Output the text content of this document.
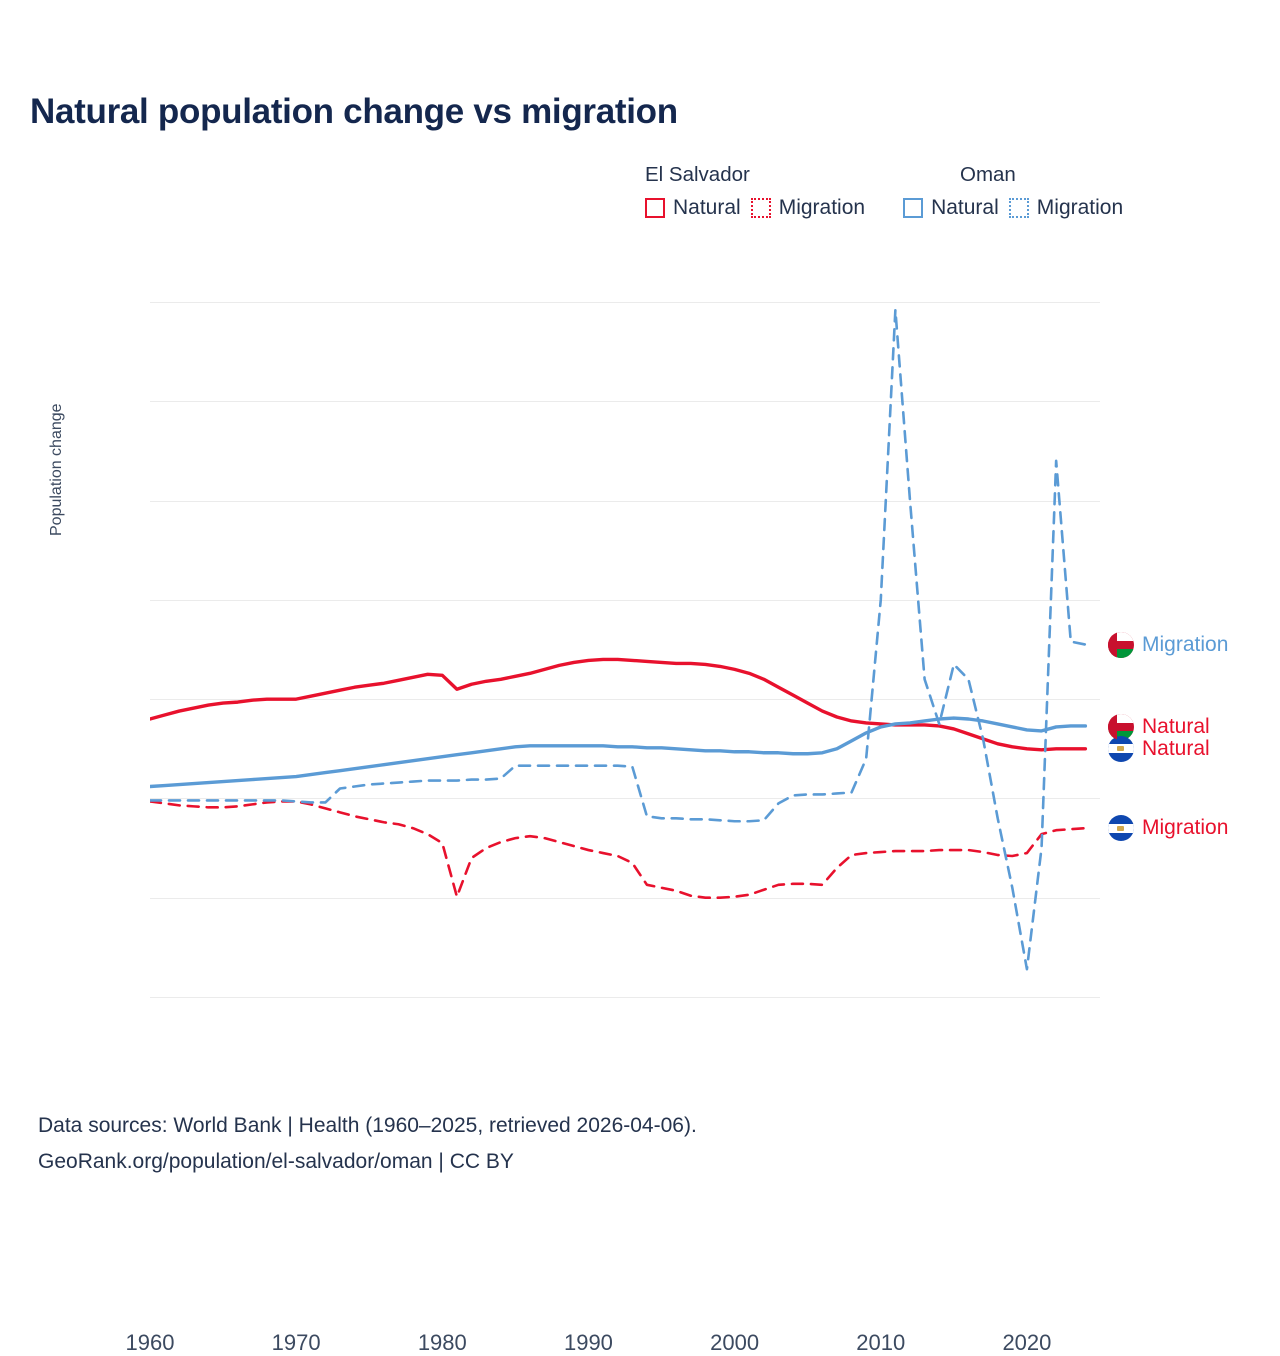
Natural population change vs migration
El Salvador	Oman
Natural Migration	Natural Migration
Population change
1960	1970	1980	1990	2000	2010	2020
Migration
Natural
Natural
Migration
Data sources: World Bank | Health (1960–2025, retrieved 2026-04-06).
GeoRank.org/population/el-salvador/oman | CC BY
